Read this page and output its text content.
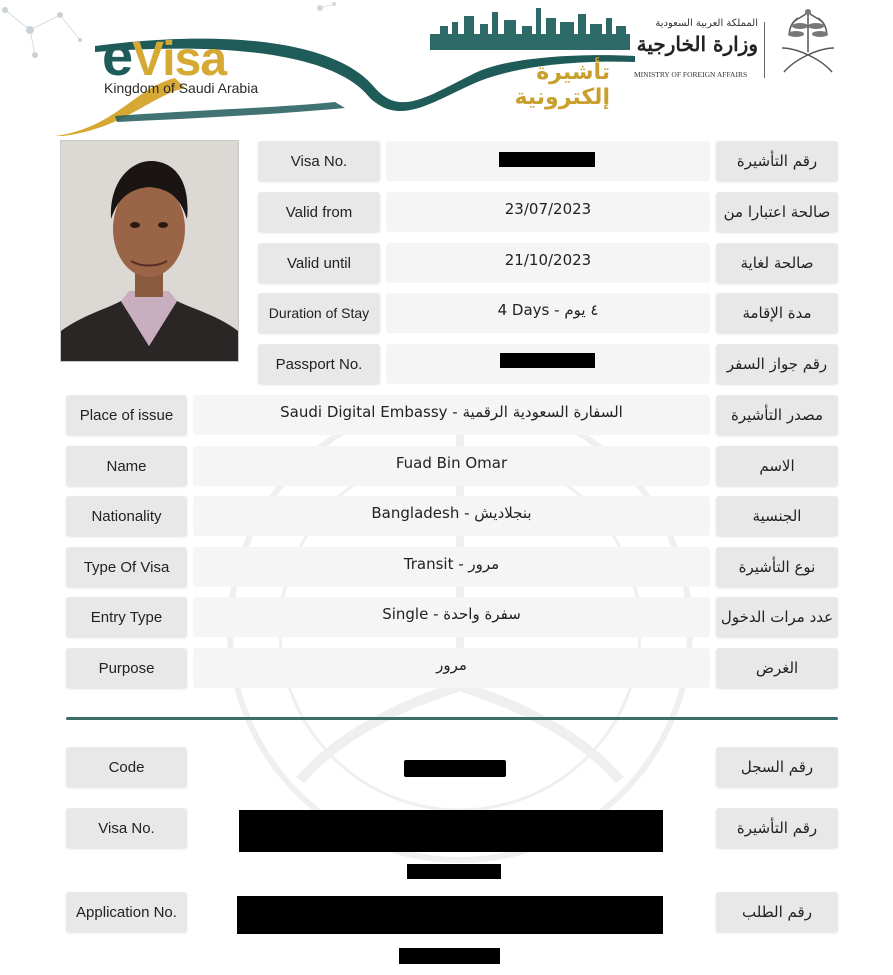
eVisa
Kingdom of Saudi Arabia
تأشيرة إلكترونية
المملكة العربية السعودية
وزارة الخارجية
MINISTRY OF FOREIGN AFFAIRS
Visa No.	رقم التأشيرة
Valid from	23/07/2023	صالحة اعتبارا من
Valid until	21/10/2023	صالحة لغاية
Duration of Stay	4 Days - ٤ يوم	مدة الإقامة
Passport No.	رقم جواز السفر
Place of issue	Saudi Digital Embassy - السفارة السعودية الرقمية	مصدر التأشيرة
Name	Fuad Bin Omar	الاسم
Nationality	Bangladesh - بنجلاديش	الجنسية
Type Of Visa	Transit - مرور	نوع التأشيرة
Entry Type	Single - سفرة واحدة	عدد مرات الدخول
Purpose	مرور	الغرض
Code	رقم السجل
Visa No.	رقم التأشيرة
Application No.	رقم الطلب
